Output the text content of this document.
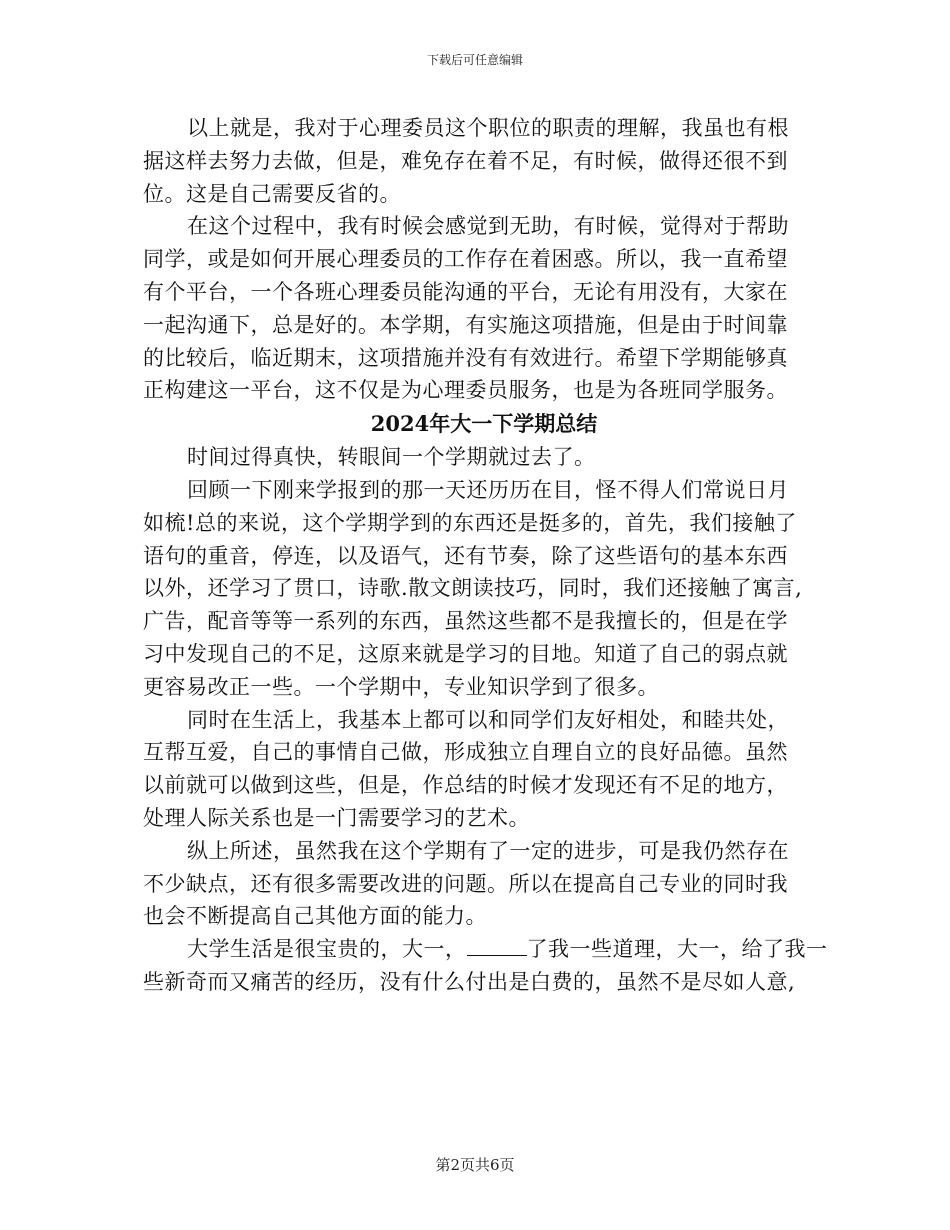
下载后可任意编辑

以上就是，我对于心理委员这个职位的职责的理解，我虽也有根
据这样去努力去做，但是，难免存在着不足，有时候，做得还很不到
位。这是自己需要反省的。

在这个过程中，我有时候会感觉到无助，有时候，觉得对于帮助
同学，或是如何开展心理委员的工作存在着困惑。所以，我一直希望
有个平台，一个各班心理委员能沟通的平台，无论有用没有，大家在
一起沟通下，总是好的。本学期，有实施这项措施，但是由于时间靠
的比较后，临近期末，这项措施并没有有效进行。希望下学期能够真
正构建这一平台，这不仅是为心理委员服务，也是为各班同学服务。

2024年大一下学期总结

时间过得真快，转眼间一个学期就过去了。

回顾一下刚来学报到的那一天还历历在目，怪不得人们常说日月
如梳!总的来说，这个学期学到的东西还是挺多的，首先，我们接触了
语句的重音，停连，以及语气，还有节奏，除了这些语句的基本东西
以外，还学习了贯口，诗歌.散文朗读技巧，同时，我们还接触了寓言,
广告，配音等等一系列的东西，虽然这些都不是我擅长的，但是在学
习中发现自己的不足，这原来就是学习的目地。知道了自己的弱点就
更容易改正一些。一个学期中，专业知识学到了很多。

同时在生活上，我基本上都可以和同学们友好相处，和睦共处，
互帮互爱，自己的事情自己做，形成独立自理自立的良好品德。虽然
以前就可以做到这些，但是，作总结的时候才发现还有不足的地方，
处理人际关系也是一门需要学习的艺术。

纵上所述，虽然我在这个学期有了一定的进步，可是我仍然存在
不少缺点，还有很多需要改进的问题。所以在提高自己专业的同时我
也会不断提高自己其他方面的能力。

大学生活是很宝贵的，大一，	了我一些道理，大一，给了我一
些新奇而又痛苦的经历，没有什么付出是白费的，虽然不是尽如人意,

第2页共6页
